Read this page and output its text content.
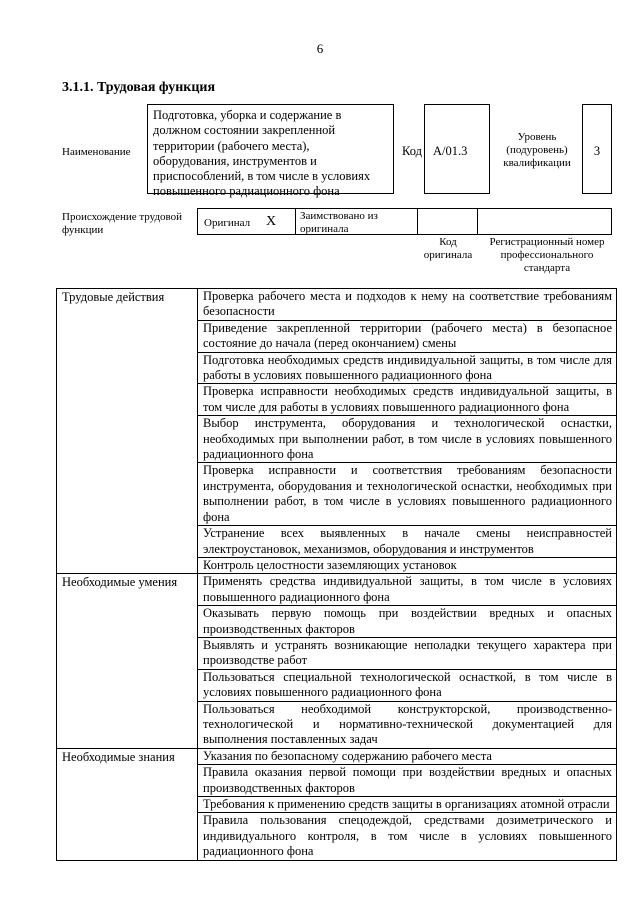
6
3.1.1. Трудовая функция
Наименование
Подготовка, уборка и содержание в должном состоянии закрепленной территории (рабочего места), оборудования, инструментов и приспособлений, в том числе в условиях повышенного радиационного фона
Код A/01.3
Уровень (подуровень) квалификации
3
Происхождение трудовой функции
Оригинал X	Заимствовано из оригинала
Код оригинала
Регистрационный номер профессионального стандарта
Трудовые действия	Проверка рабочего места и подходов к нему на соответствие требованиям безопасности
	Приведение закрепленной территории (рабочего места) в безопасное состояние до начала (перед окончанием) смены
	Подготовка необходимых средств индивидуальной защиты, в том числе для работы в условиях повышенного радиационного фона
	Проверка исправности необходимых средств индивидуальной защиты, в том числе для работы в условиях повышенного радиационного фона
	Выбор инструмента, оборудования и технологической оснастки, необходимых при выполнении работ, в том числе в условиях повышенного радиационного фона
	Проверка исправности и соответствия требованиям безопасности инструмента, оборудования и технологической оснастки, необходимых при выполнении работ, в том числе в условиях повышенного радиационного фона
	Устранение всех выявленных в начале смены неисправностей электроустановок, механизмов, оборудования и инструментов
	Контроль целостности заземляющих установок
Необходимые умения	Применять средства индивидуальной защиты, в том числе в условиях повышенного радиационного фона
	Оказывать первую помощь при воздействии вредных и опасных производственных факторов
	Выявлять и устранять возникающие неполадки текущего характера при производстве работ
	Пользоваться специальной технологической оснасткой, в том числе в условиях повышенного радиационного фона
	Пользоваться необходимой конструкторской, производственно-технологической и нормативно-технической документацией для выполнения поставленных задач
Необходимые знания	Указания по безопасному содержанию рабочего места
	Правила оказания первой помощи при воздействии вредных и опасных производственных факторов
	Требования к применению средств защиты в организациях атомной отрасли
	Правила пользования спецодеждой, средствами дозиметрического и индивидуального контроля, в том числе в условиях повышенного радиационного фона
